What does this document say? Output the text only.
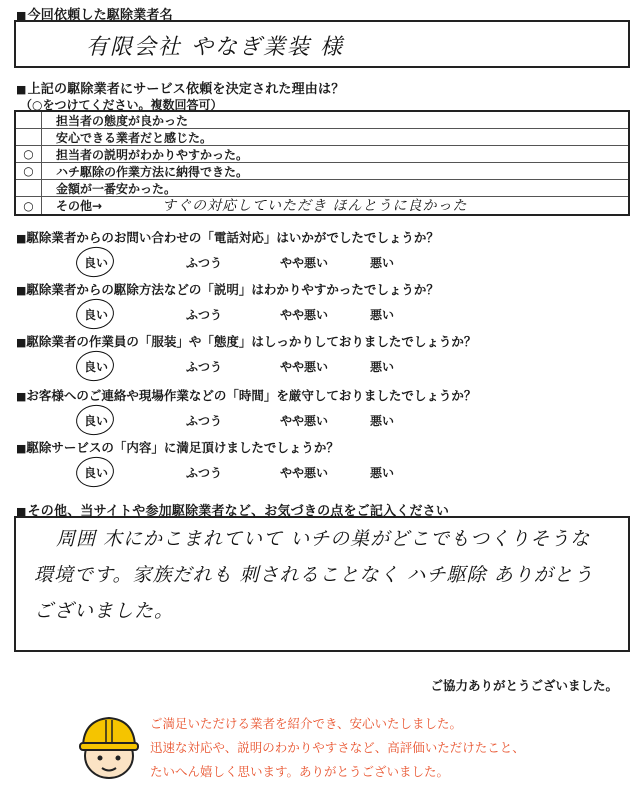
■ 今回依頼した駆除業者名
有限会社 やなぎ業装 様
■ 上記の駆除業者にサービス依頼を決定された理由は？
（○をつけてください。複数回答可）
担当者の態度が良かった
安心できる業者だと感じた。
○	担当者の説明がわかりやすかった。
○	ハチ駆除の作業方法に納得できた。
金額が一番安かった。
○	その他→	すぐの対応していただき ほんとうに良かった
■ 駆除業者からのお問い合わせの「電話対応」はいかがでしたでしょうか？
良い	ふつう	やや悪い	悪い
■ 駆除業者からの駆除方法などの「説明」はわかりやすかったでしょうか？
良い	ふつう	やや悪い	悪い
■ 駆除業者の作業員の「服装」や「態度」はしっかりしておりましたでしょうか？
良い	ふつう	やや悪い	悪い
■ お客様へのご連絡や現場作業などの「時間」を厳守しておりましたでしょうか？
良い	ふつう	やや悪い	悪い
■ 駆除サービスの「内容」に満足頂けましたでしょうか？
良い	ふつう	やや悪い	悪い
■ その他、当サイトや参加駆除業者など、お気づきの点をご記入ください
周囲 木にかこまれていて いチの巣がどこでもつくりそうな
環境です。家族だれも 刺されることなく ハチ駆除 ありがとう
ございました。
ご協力ありがとうございました。
ご満足いただける業者を紹介でき、安心いたしました。
迅速な対応や、説明のわかりやすさなど、高評価いただけたこと、
たいへん嬉しく思います。ありがとうございました。
